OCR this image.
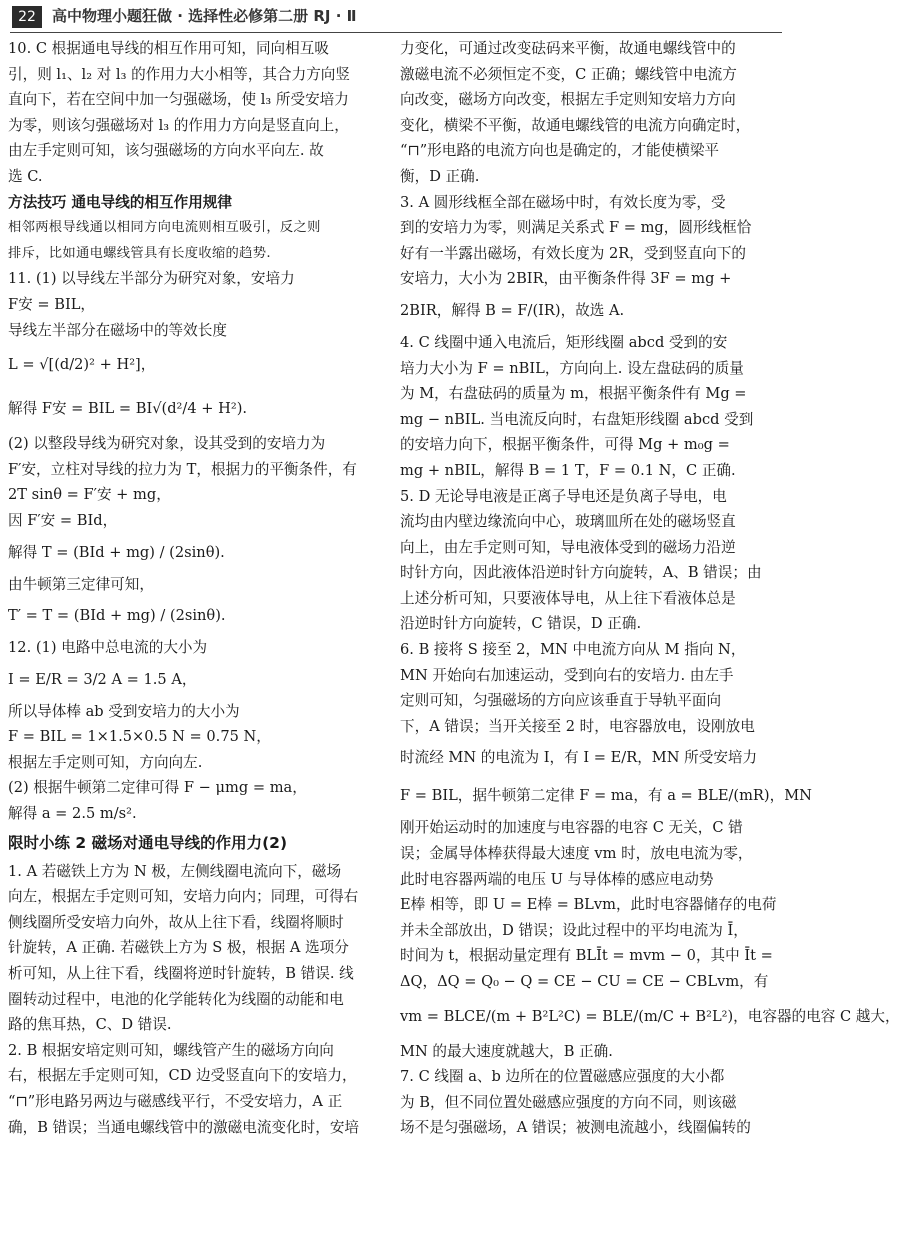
22	高中物理小题狂做 · 选择性必修第二册 RJ · Ⅱ
10. C 根据通电导线的相互作用可知，同向相互吸
引，则 l₁、l₂ 对 l₃ 的作用力大小相等，其合力方向竖
直向下，若在空间中加一匀强磁场，使 l₃ 所受安培力
为零，则该匀强磁场对 l₃ 的作用力方向是竖直向上，
由左手定则可知，该匀强磁场的方向水平向左. 故
选 C.
方法技巧 通电导线的相互作用规律
相邻两根导线通以相同方向电流则相互吸引，反之则
排斥，比如通电螺线管具有长度收缩的趋势.
11. (1) 以导线左半部分为研究对象，安培力
F安 = BIL，
导线左半部分在磁场中的等效长度
L = √[(d/2)² + H²]，
解得 F安 = BIL = BI√(d²/4 + H²).
(2) 以整段导线为研究对象，设其受到的安培力为
F′安，立柱对导线的拉力为 T，根据力的平衡条件，有
2T sinθ = F′安 + mg，
因 F′安 = BId，
解得 T = (BId + mg) / (2sinθ).
由牛顿第三定律可知，
T′ = T = (BId + mg) / (2sinθ).
12. (1) 电路中总电流的大小为
I = E/R = 3/2 A = 1.5 A，
所以导体棒 ab 受到安培力的大小为
F = BIL = 1×1.5×0.5 N = 0.75 N，
根据左手定则可知，方向向左.
(2) 根据牛顿第二定律可得 F − μmg = ma，
解得 a = 2.5 m/s².
限时小练 2 磁场对通电导线的作用力(2)
1. A 若磁铁上方为 N 极，左侧线圈电流向下，磁场
向左，根据左手定则可知，安培力向内；同理，可得右
侧线圈所受安培力向外，故从上往下看，线圈将顺时
针旋转，A 正确. 若磁铁上方为 S 极，根据 A 选项分
析可知，从上往下看，线圈将逆时针旋转，B 错误. 线
圈转动过程中，电池的化学能转化为线圈的动能和电
路的焦耳热，C、D 错误.
2. B 根据安培定则可知，螺线管产生的磁场方向向
右，根据左手定则可知，CD 边受竖直向下的安培力，
“⊓”形电路另两边与磁感线平行，不受安培力，A 正
确，B 错误；当通电螺线管中的激磁电流变化时，安培
力变化，可通过改变砝码来平衡，故通电螺线管中的
激磁电流不必须恒定不变，C 正确；螺线管中电流方
向改变，磁场方向改变，根据左手定则知安培力方向
变化，横梁不平衡，故通电螺线管的电流方向确定时，
“⊓”形电路的电流方向也是确定的，才能使横梁平
衡，D 正确.
3. A 圆形线框全部在磁场中时，有效长度为零，受
到的安培力为零，则满足关系式 F = mg，圆形线框恰
好有一半露出磁场，有效长度为 2R，受到竖直向下的
安培力，大小为 2BIR，由平衡条件得 3F = mg +
2BIR，解得 B = F/(IR)，故选 A.
4. C 线圈中通入电流后，矩形线圈 abcd 受到的安
培力大小为 F = nBIL，方向向上. 设左盘砝码的质量
为 M，右盘砝码的质量为 m，根据平衡条件有 Mg =
mg − nBIL. 当电流反向时，右盘矩形线圈 abcd 受到
的安培力向下，根据平衡条件，可得 Mg + m₀g =
mg + nBIL，解得 B = 1 T，F = 0.1 N，C 正确.
5. D 无论导电液是正离子导电还是负离子导电，电
流均由内壁边缘流向中心，玻璃皿所在处的磁场竖直
向上，由左手定则可知，导电液体受到的磁场力沿逆
时针方向，因此液体沿逆时针方向旋转，A、B 错误；由
上述分析可知，只要液体导电，从上往下看液体总是
沿逆时针方向旋转，C 错误，D 正确.
6. B 接将 S 接至 2，MN 中电流方向从 M 指向 N，
MN 开始向右加速运动，受到向右的安培力. 由左手
定则可知，匀强磁场的方向应该垂直于导轨平面向
下，A 错误；当开关接至 2 时，电容器放电，设刚放电
时流经 MN 的电流为 I，有 I = E/R，MN 所受安培力
F = BIL，据牛顿第二定律 F = ma，有 a = BLE/(mR)，MN
刚开始运动时的加速度与电容器的电容 C 无关，C 错
误；金属导体棒获得最大速度 vm 时，放电电流为零，
此时电容器两端的电压 U 与导体棒的感应电动势
E棒 相等，即 U = E棒 = BLvm，此时电容器储存的电荷
并未全部放出，D 错误；设此过程中的平均电流为 Ī，
时间为 t，根据动量定理有 BLĪt = mvm − 0，其中 Īt =
ΔQ，ΔQ = Q₀ − Q = CE − CU = CE − CBLvm，有
vm = BLCE/(m + B²L²C) = BLE/(m/C + B²L²)，电容器的电容 C 越大，
MN 的最大速度就越大，B 正确.
7. C 线圈 a、b 边所在的位置磁感应强度的大小都
为 B，但不同位置处磁感应强度的方向不同，则该磁
场不是匀强磁场，A 错误；被测电流越小，线圈偏转的
